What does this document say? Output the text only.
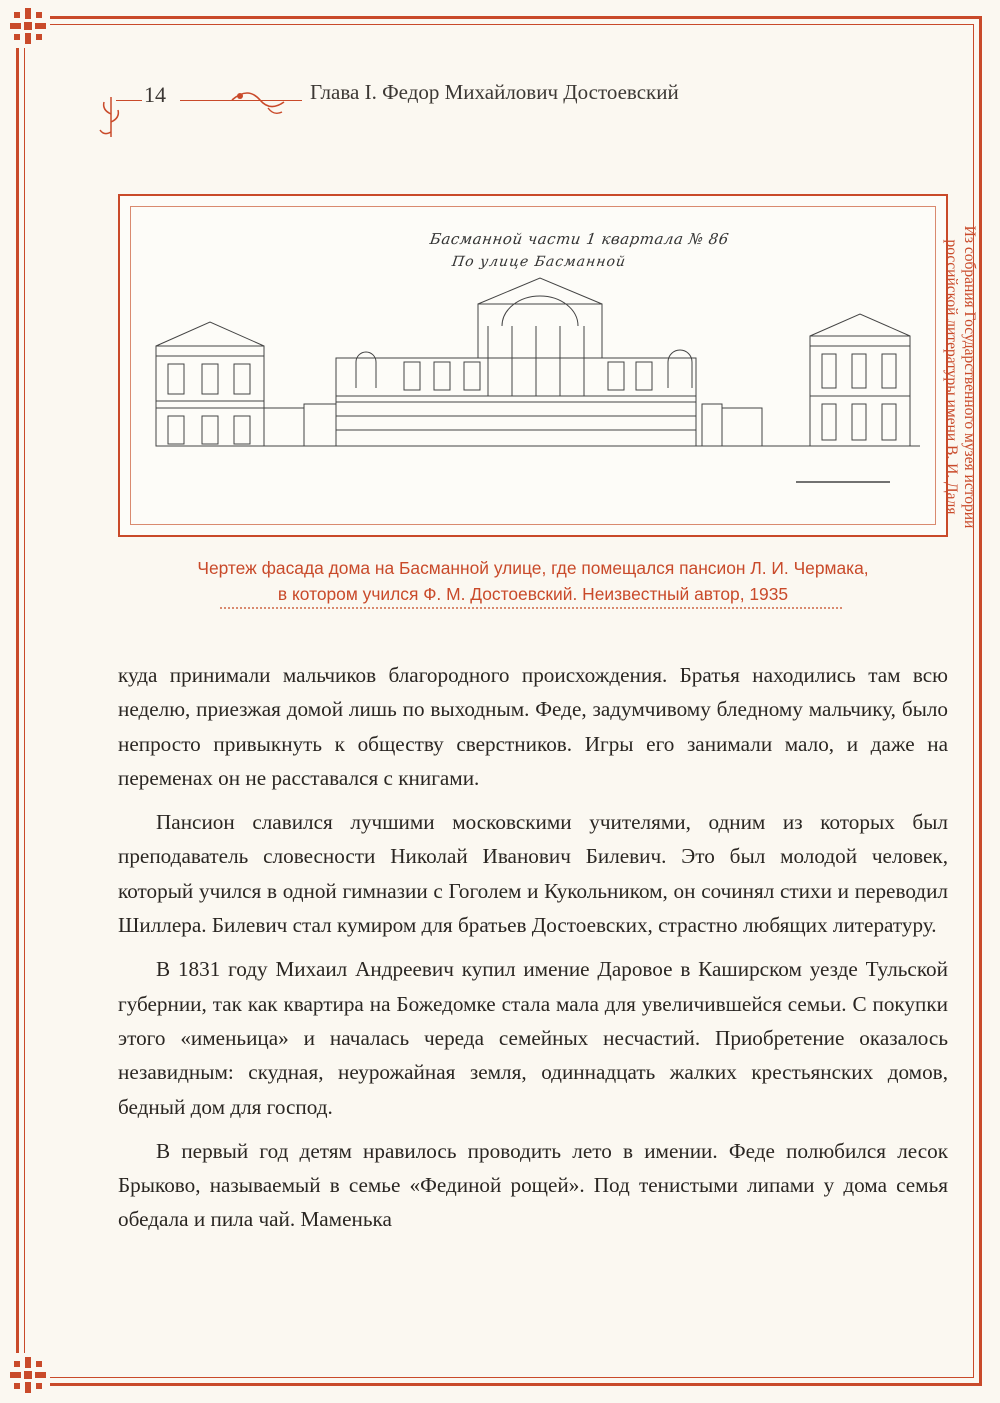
14	Глава I. Федор Михайлович Достоевский
Басманной части 1 квартала № 86
По улице Басманной	Из собрания Государственного музея истории российской литературы имени В. И. Даля
Чертеж фасада дома на Басманной улице, где помещался пансион Л. И. Чермака,
в котором учился Ф. М. Достоевский. Неизвестный автор, 1935

куда принимали мальчиков благородного происхождения. Братья находились там всю неделю, приезжая домой лишь по выходным. Феде, задумчивому бледному мальчику, было непросто привыкнуть к обществу сверстников. Игры его занимали мало, и даже на переменах он не расставался с книгами.

Пансион славился лучшими московскими учителями, одним из которых был преподаватель словесности Николай Иванович Билевич. Это был молодой человек, который учился в одной гимназии с Гоголем и Кукольником, он сочинял стихи и переводил Шиллера. Билевич стал кумиром для братьев Достоевских, страстно любящих литературу.

В 1831 году Михаил Андреевич купил имение Даровое в Каширском уезде Тульской губернии, так как квартира на Божедомке стала мала для увеличившейся семьи. С покупки этого «именьица» и началась череда семейных несчастий. Приобретение оказалось незавидным: скудная, неурожайная земля, одиннадцать жалких крестьянских домов, бедный дом для господ.

В первый год детям нравилось проводить лето в имении. Феде полюбился лесок Брыково, называемый в семье «Фединой рощей». Под тенистыми липами у дома семья обедала и пила чай. Маменька
